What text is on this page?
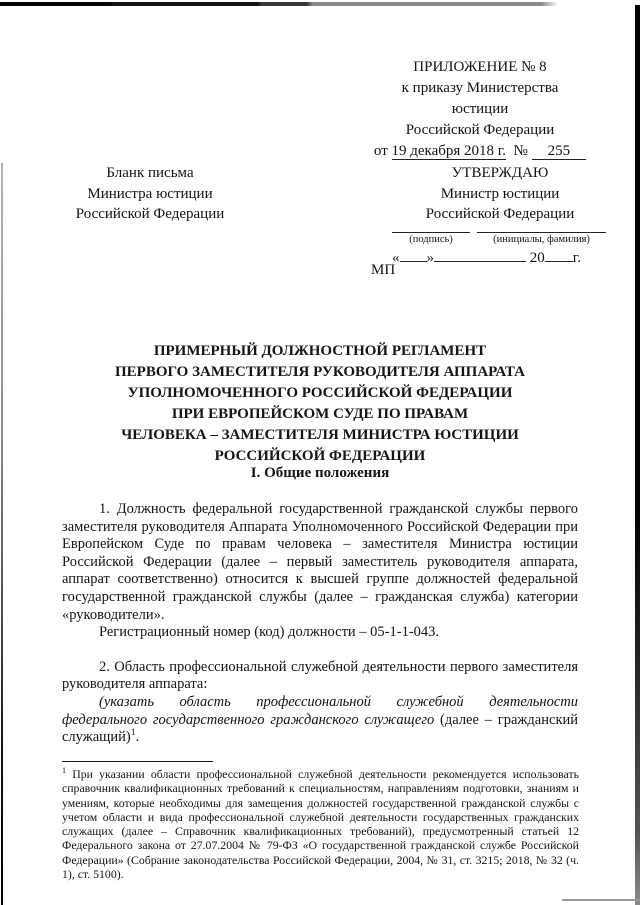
ПРИЛОЖЕНИЕ № 8
к приказу Министерства юстиции
Российской Федерации
от 19 декабря 2018 г. № 255
Бланк письма
Министра юстиции
Российской Федерации
УТВЕРЖДАЮ
Министр юстиции
Российской Федерации
(подпись)	(инициалы, фамилия)
« »	20 г.
МП
ПРИМЕРНЫЙ ДОЛЖНОСТНОЙ РЕГЛАМЕНТ
ПЕРВОГО ЗАМЕСТИТЕЛЯ РУКОВОДИТЕЛЯ АППАРАТА
УПОЛНОМОЧЕННОГО РОССИЙСКОЙ ФЕДЕРАЦИИ
ПРИ ЕВРОПЕЙСКОМ СУДЕ ПО ПРАВАМ
ЧЕЛОВЕКА – ЗАМЕСТИТЕЛЯ МИНИСТРА ЮСТИЦИИ
РОССИЙСКОЙ ФЕДЕРАЦИИ
I. Общие положения

1. Должность федеральной государственной гражданской службы первого заместителя руководителя Аппарата Уполномоченного Российской Федерации при Европейском Суде по правам человека – заместителя Министра юстиции Российской Федерации (далее – первый заместитель руководителя аппарата, аппарат соответственно) относится к высшей группе должностей федеральной государственной гражданской службы (далее – гражданская служба) категории «руководители».

Регистрационный номер (код) должности – 05-1-1-043.

2. Область профессиональной служебной деятельности первого заместителя руководителя аппарата:

(указать область профессиональной служебной деятельности федерального государственного гражданского служащего (далее – гражданский служащий)$^1$.

$^1$ При указании области профессиональной служебной деятельности рекомендуется использовать справочник квалификационных требований к специальностям, направлениям подготовки, знаниям и умениям, которые необходимы для замещения должностей государственной гражданской службы с учетом области и вида профессиональной служебной деятельности государственных гражданских служащих (далее – Справочник квалификационных требований), предусмотренный статьей 12 Федерального закона от 27.07.2004 № 79-ФЗ «О государственной гражданской службе Российской Федерации» (Собрание законодательства Российской Федерации, 2004, № 31, ст. 3215; 2018, № 32 (ч. 1), ст. 5100).
